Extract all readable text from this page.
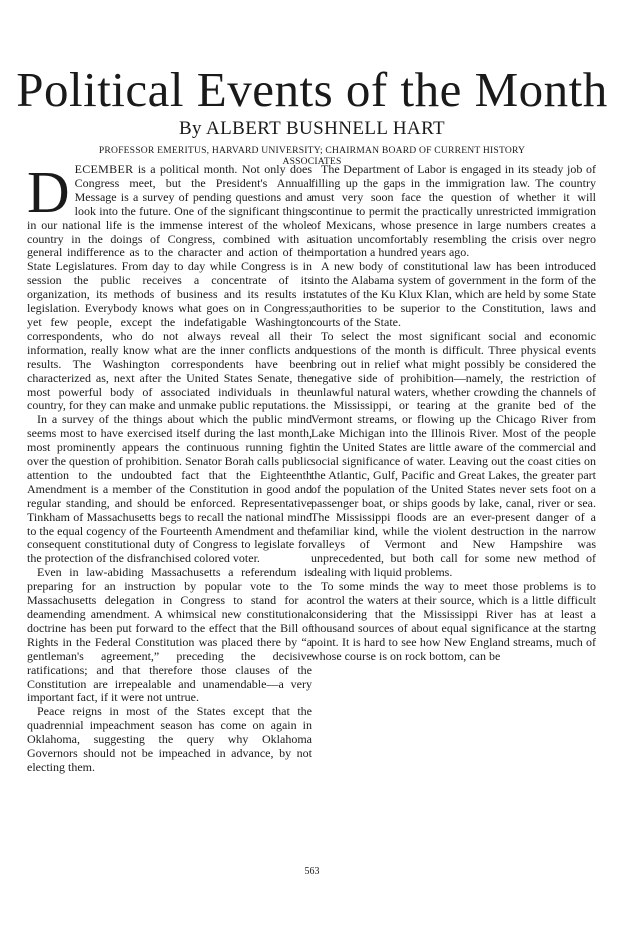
Political Events of the Month
By ALBERT BUSHNELL HART
PROFESSOR EMERITUS, HARVARD UNIVERSITY; CHAIRMAN BOARD OF CURRENT HISTORY ASSOCIATES

DECEMBER is a political month. Not only does Congress meet, but the President's Annual Message is a survey of pending questions and a look into the future. One of the significant things in our national life is the immense interest of the whole country in the doings of Congress, combined with a general indifference as to the character and action of the State Legislatures. From day to day while Congress is in session the public receives a concentrate of its organization, its methods of business and its results in legislation. Everybody knows what goes on in Congress; yet few people, except the indefatigable Washington correspondents, who do not always reveal all their information, really know what are the inner conflicts and results. The Washington correspondents have been characterized as, next after the United States Senate, the most powerful body of associated individuals in the country, for they can make and unmake public reputations.

In a survey of the things about which the public mind seems most to have exercised itself during the last month, most prominently appears the continuous running fight over the question of prohibition. Senator Borah calls public attention to the undoubted fact that the Eighteenth Amendment is a member of the Constitution in good and regular standing, and should be enforced. Representative Tinkham of Massachusetts begs to recall the national mind to the equal cogency of the Fourteenth Amendment and the consequent constitutional duty of Congress to legislate for the protection of the disfranchised colored voter.

Even in law-abiding Massachusetts a referendum is preparing for an instruction by popular vote to the Massachusetts delegation in Congress to stand for a deamending amendment. A whimsical new constitutional doctrine has been put forward to the effect that the Bill of Rights in the Federal Constitution was placed there by “a gentleman's agreement,” preceding the decisive ratifications; and that therefore those clauses of the Constitution are irrepealable and unamendable—a very important fact, if it were not untrue.

Peace reigns in most of the States except that the quadrennial impeachment season has come on again in Oklahoma, suggesting the query why Oklahoma Governors should not be impeached in advance, by not electing them.

The Department of Labor is engaged in its steady job of filling up the gaps in the immigration law. The country must very soon face the question of whether it will continue to permit the practically unrestricted immigration of Mexicans, whose presence in large numbers creates a situation uncomfortably resembling the crisis over negro importation a hundred years ago.

A new body of constitutional law has been introduced into the Alabama system of government in the form of the statutes of the Ku Klux Klan, which are held by some State authorities to be superior to the Constitution, laws and courts of the State.

To select the most significant social and economic questions of the month is difficult. Three physical events bring out in relief what might possibly be considered the negative side of prohibition—namely, the restriction of unlawful natural waters, whether crowding the channels of the Mississippi, or tearing at the granite bed of the Vermont streams, or flowing up the Chicago River from Lake Michigan into the Illinois River. Most of the people in the United States are little aware of the commercial and social significance of water. Leaving out the coast cities on the Atlantic, Gulf, Pacific and Great Lakes, the greater part of the population of the United States never sets foot on a passenger boat, or ships goods by lake, canal, river or sea. The Mississippi floods are an ever-present danger of a familiar kind, while the violent destruction in the narrow valleys of Vermont and New Hampshire was unprecedented, but both call for some new method of dealing with liquid problems.

To some minds the way to meet those problems is to control the waters at their source, which is a little difficult considering that the Mississippi River has at least a thousand sources of about equal significance at the startng point. It is hard to see how New England streams, much of whose course is on rock bottom, can be

563
